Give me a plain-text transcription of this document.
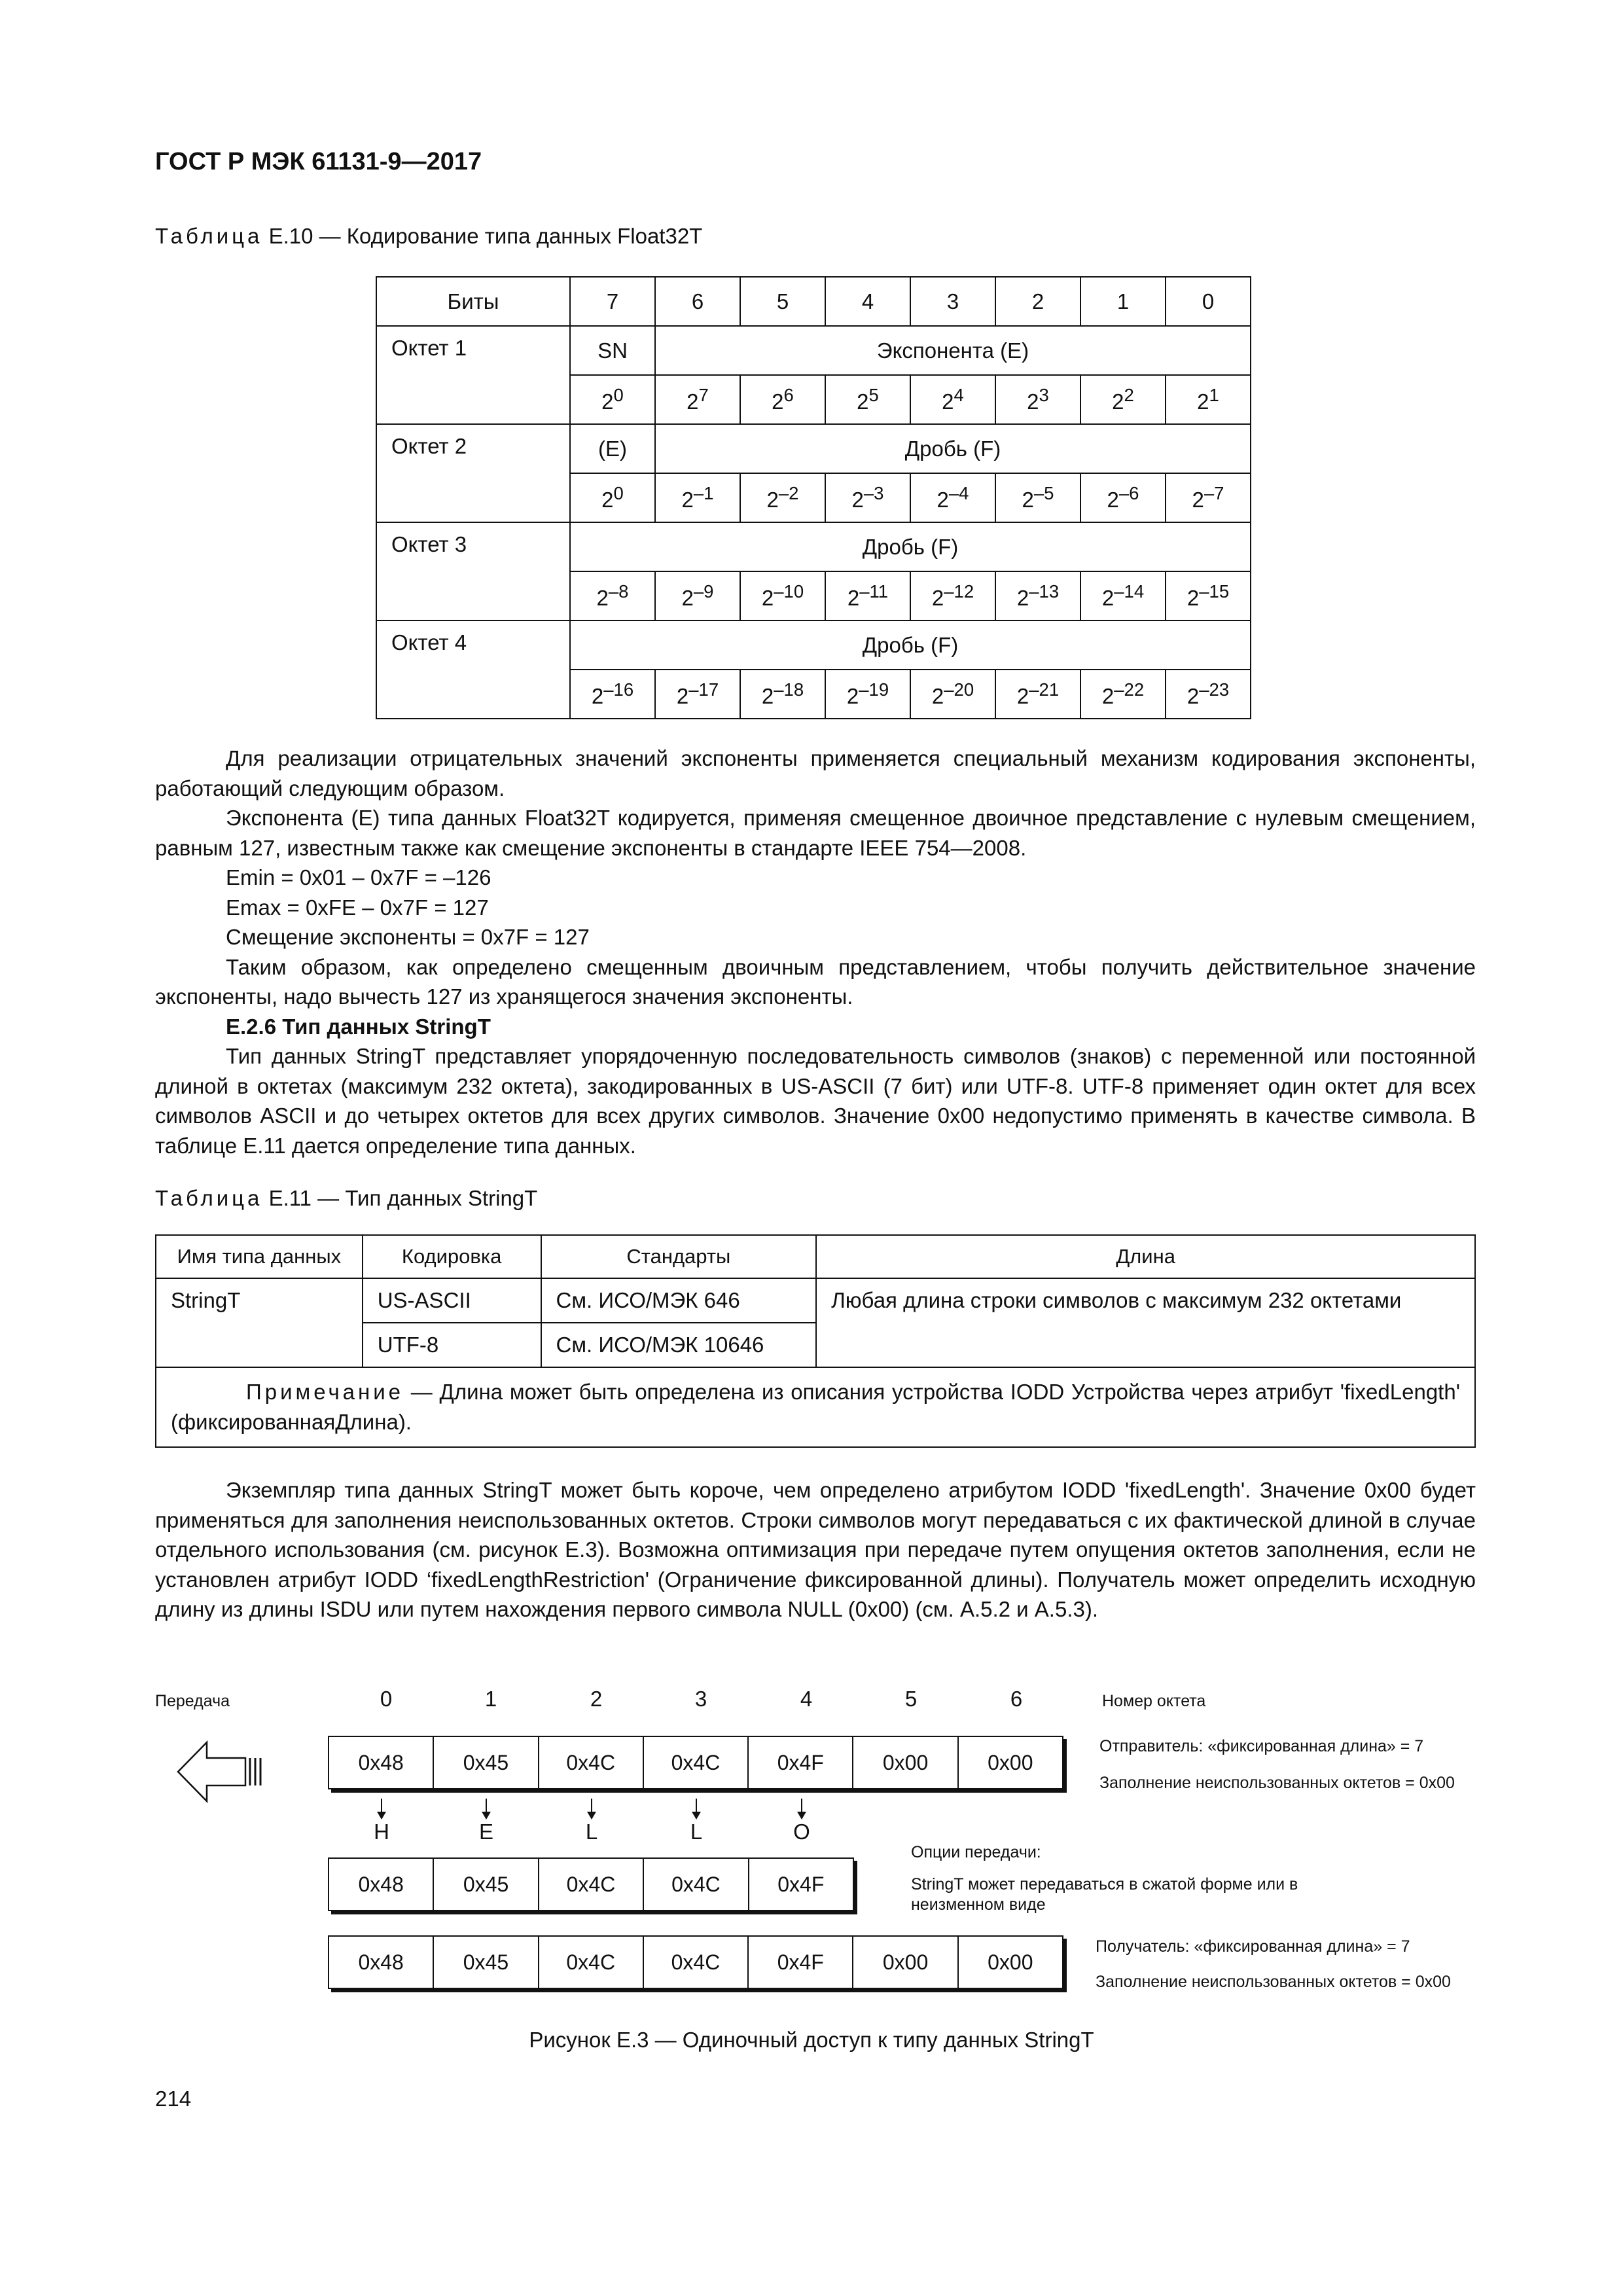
ГОСТ Р МЭК 61131-9—2017
Таблица E.10 — Кодирование типа данных Float32T
Биты	7	6	5	4	3	2	1	0
Октет 1	SN	Экспонента (E)						
	$2^0$	$2^7$	$2^6$	$2^5$	$2^4$	$2^3$	$2^2$	$2^1$
Октет 2	(E)	Дробь (F)						
	$2^0$	$2^{-1}$	$2^{-2}$	$2^{-3}$	$2^{-4}$	$2^{-5}$	$2^{-6}$	$2^{-7}$
Октет 3	Дробь (F)							
	$2^{-8}$	$2^{-9}$	$2^{-10}$	$2^{-11}$	$2^{-12}$	$2^{-13}$	$2^{-14}$	$2^{-15}$
Октет 4	Дробь (F)							
	$2^{-16}$	$2^{-17}$	$2^{-18}$	$2^{-19}$	$2^{-20}$	$2^{-21}$	$2^{-22}$	$2^{-23}$

Для реализации отрицательных значений экспоненты применяется специальный механизм кодирования экспоненты, работающий следующим образом.

Экспонента (E) типа данных Float32T кодируется, применяя смещенное двоичное представление с нулевым смещением, равным 127, известным также как смещение экспоненты в стандарте IEEE 754—2008.

Emin = 0x01 – 0x7F = –126
Emax = 0xFE – 0x7F = 127
Смещение экспоненты = 0x7F = 127

Таким образом, как определено смещенным двоичным представлением, чтобы получить действительное значение экспоненты, надо вычесть 127 из хранящегося значения экспоненты.

E.2.6 Тип данных StringT

Тип данных StringT представляет упорядоченную последовательность символов (знаков) с переменной или постоянной длиной в октетах (максимум 232 октета), закодированных в US-ASCII (7 бит) или UTF-8. UTF-8 применяет один октет для всех символов ASCII и до четырех октетов для всех других символов. Значение 0x00 недопустимо применять в качестве символа. В таблице E.11 дается определение типа данных.

Таблица E.11 — Тип данных StringT
Имя типа данных	Кодировка	Стандарты	Длина
StringT	US-ASCII	См. ИСО/МЭК 646	Любая длина строки символов с максимум 232 октетами
	UTF-8	См. ИСО/МЭК 10646	
Примечание — Длина может быть определена из описания устройства IODD Устройства через атрибут 'fixedLength' (фиксированнаяДлина).			

Экземпляр типа данных StringT может быть короче, чем определено атрибутом IODD 'fixedLength'. Значение 0x00 будет применяться для заполнения неиспользованных октетов. Строки символов могут передаваться с их фактической длиной в случае отдельного использования (см. рисунок E.3). Возможна оптимизация при передаче путем опущения октетов заполнения, если не установлен атрибут IODD ‘fixedLengthRestriction' (Ограничение фиксированной длины). Получатель может определить исходную длину из длины ISDU или путем нахождения первого символа NULL (0x00) (см. A.5.2 и A.5.3).

Передача	0	1	2	3	4	5	6	Номер октета
0x48	0x45	0x4C	0x4C	0x4F	0x00	0x00
Отправитель: «фиксированная длина» = 7
Заполнение неиспользованных октетов = 0x00
H	E	L	L	O
0x48	0x45	0x4C	0x4C	0x4F
Опции передачи:
StringT может передаваться в сжатой форме или в неизменном виде
0x48	0x45	0x4C	0x4C	0x4F	0x00	0x00
Получатель: «фиксированная длина» = 7
Заполнение неиспользованных октетов = 0x00
Рисунок E.3 — Одиночный доступ к типу данных StringT
214
